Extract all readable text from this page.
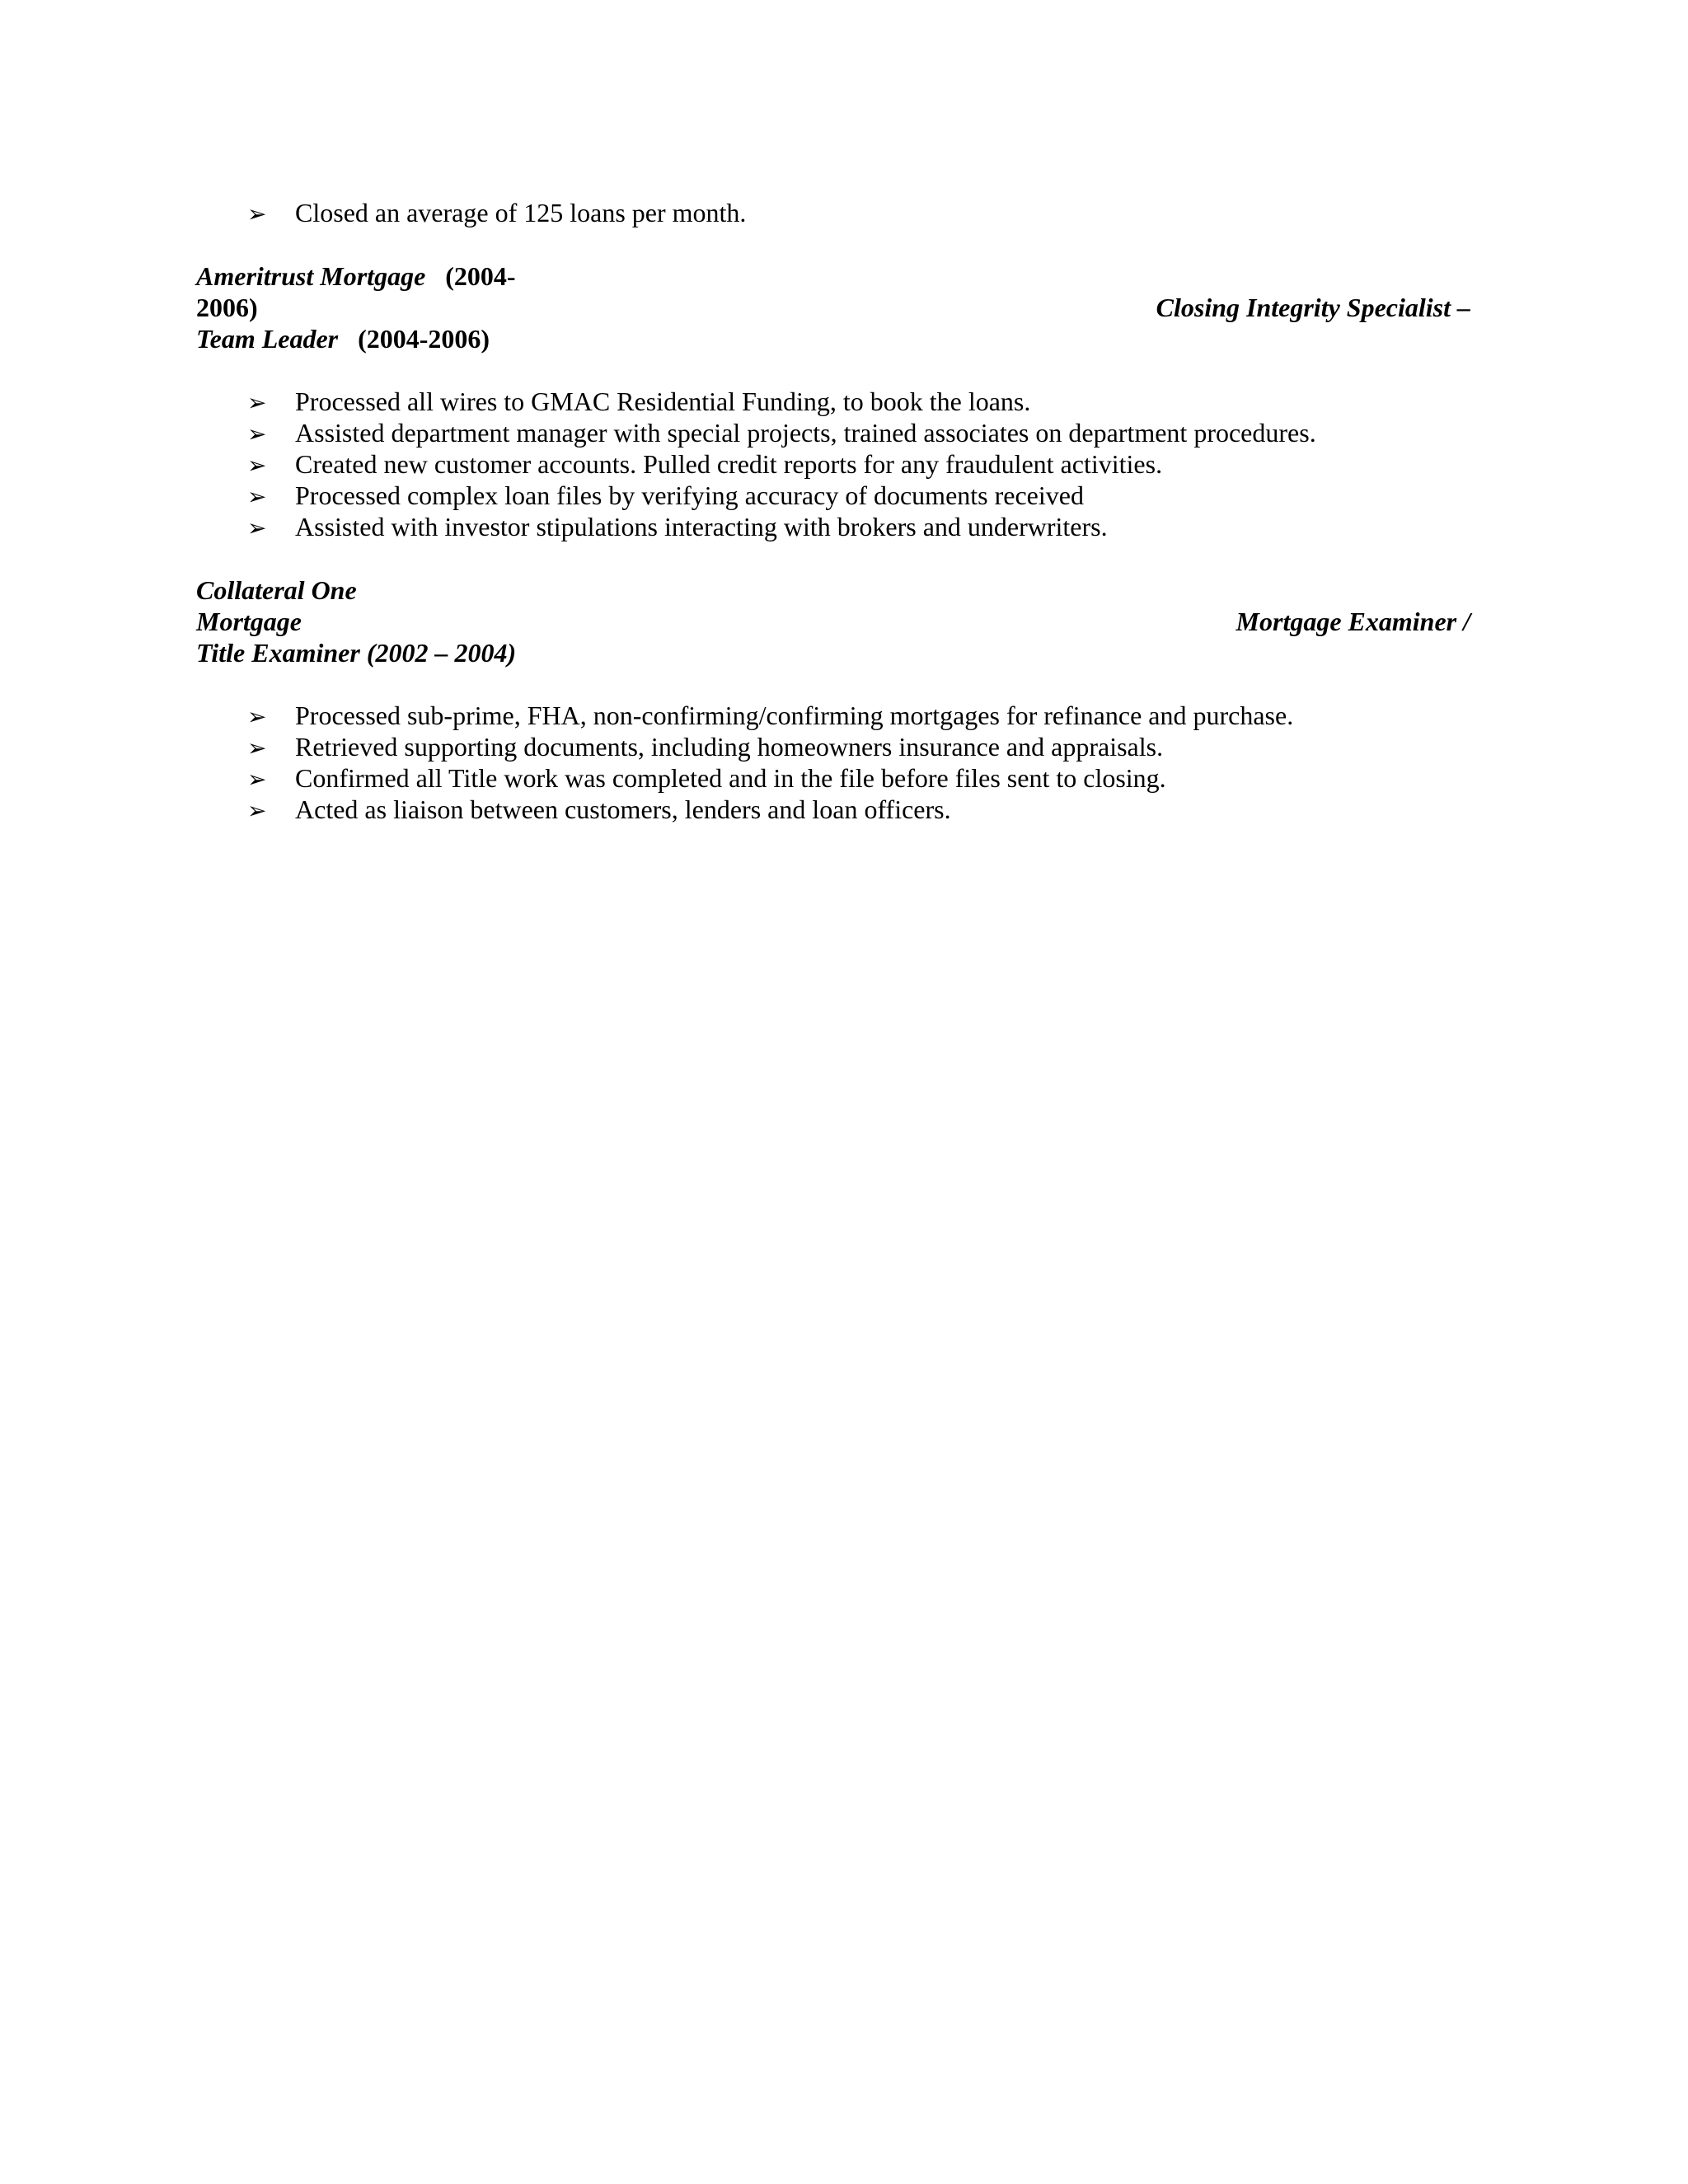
➢	Closed an average of 125 loans per month.
Ameritrust Mortgage (2004-
2006)	Closing Integrity Specialist –
Team Leader (2004-2006)
➢	Processed all wires to GMAC Residential Funding, to book the loans.
➢	Assisted department manager with special projects, trained associates on department procedures.
➢	Created new customer accounts. Pulled credit reports for any fraudulent activities.
➢	Processed complex loan files by verifying accuracy of documents received
➢	Assisted with investor stipulations interacting with brokers and underwriters.
Collateral One
Mortgage	Mortgage Examiner /
Title Examiner (2002 – 2004)
➢	Processed sub-prime, FHA, non-confirming/confirming mortgages for refinance and purchase.
➢	Retrieved supporting documents, including homeowners insurance and appraisals.
➢	Confirmed all Title work was completed and in the file before files sent to closing.
➢	Acted as liaison between customers, lenders and loan officers.
